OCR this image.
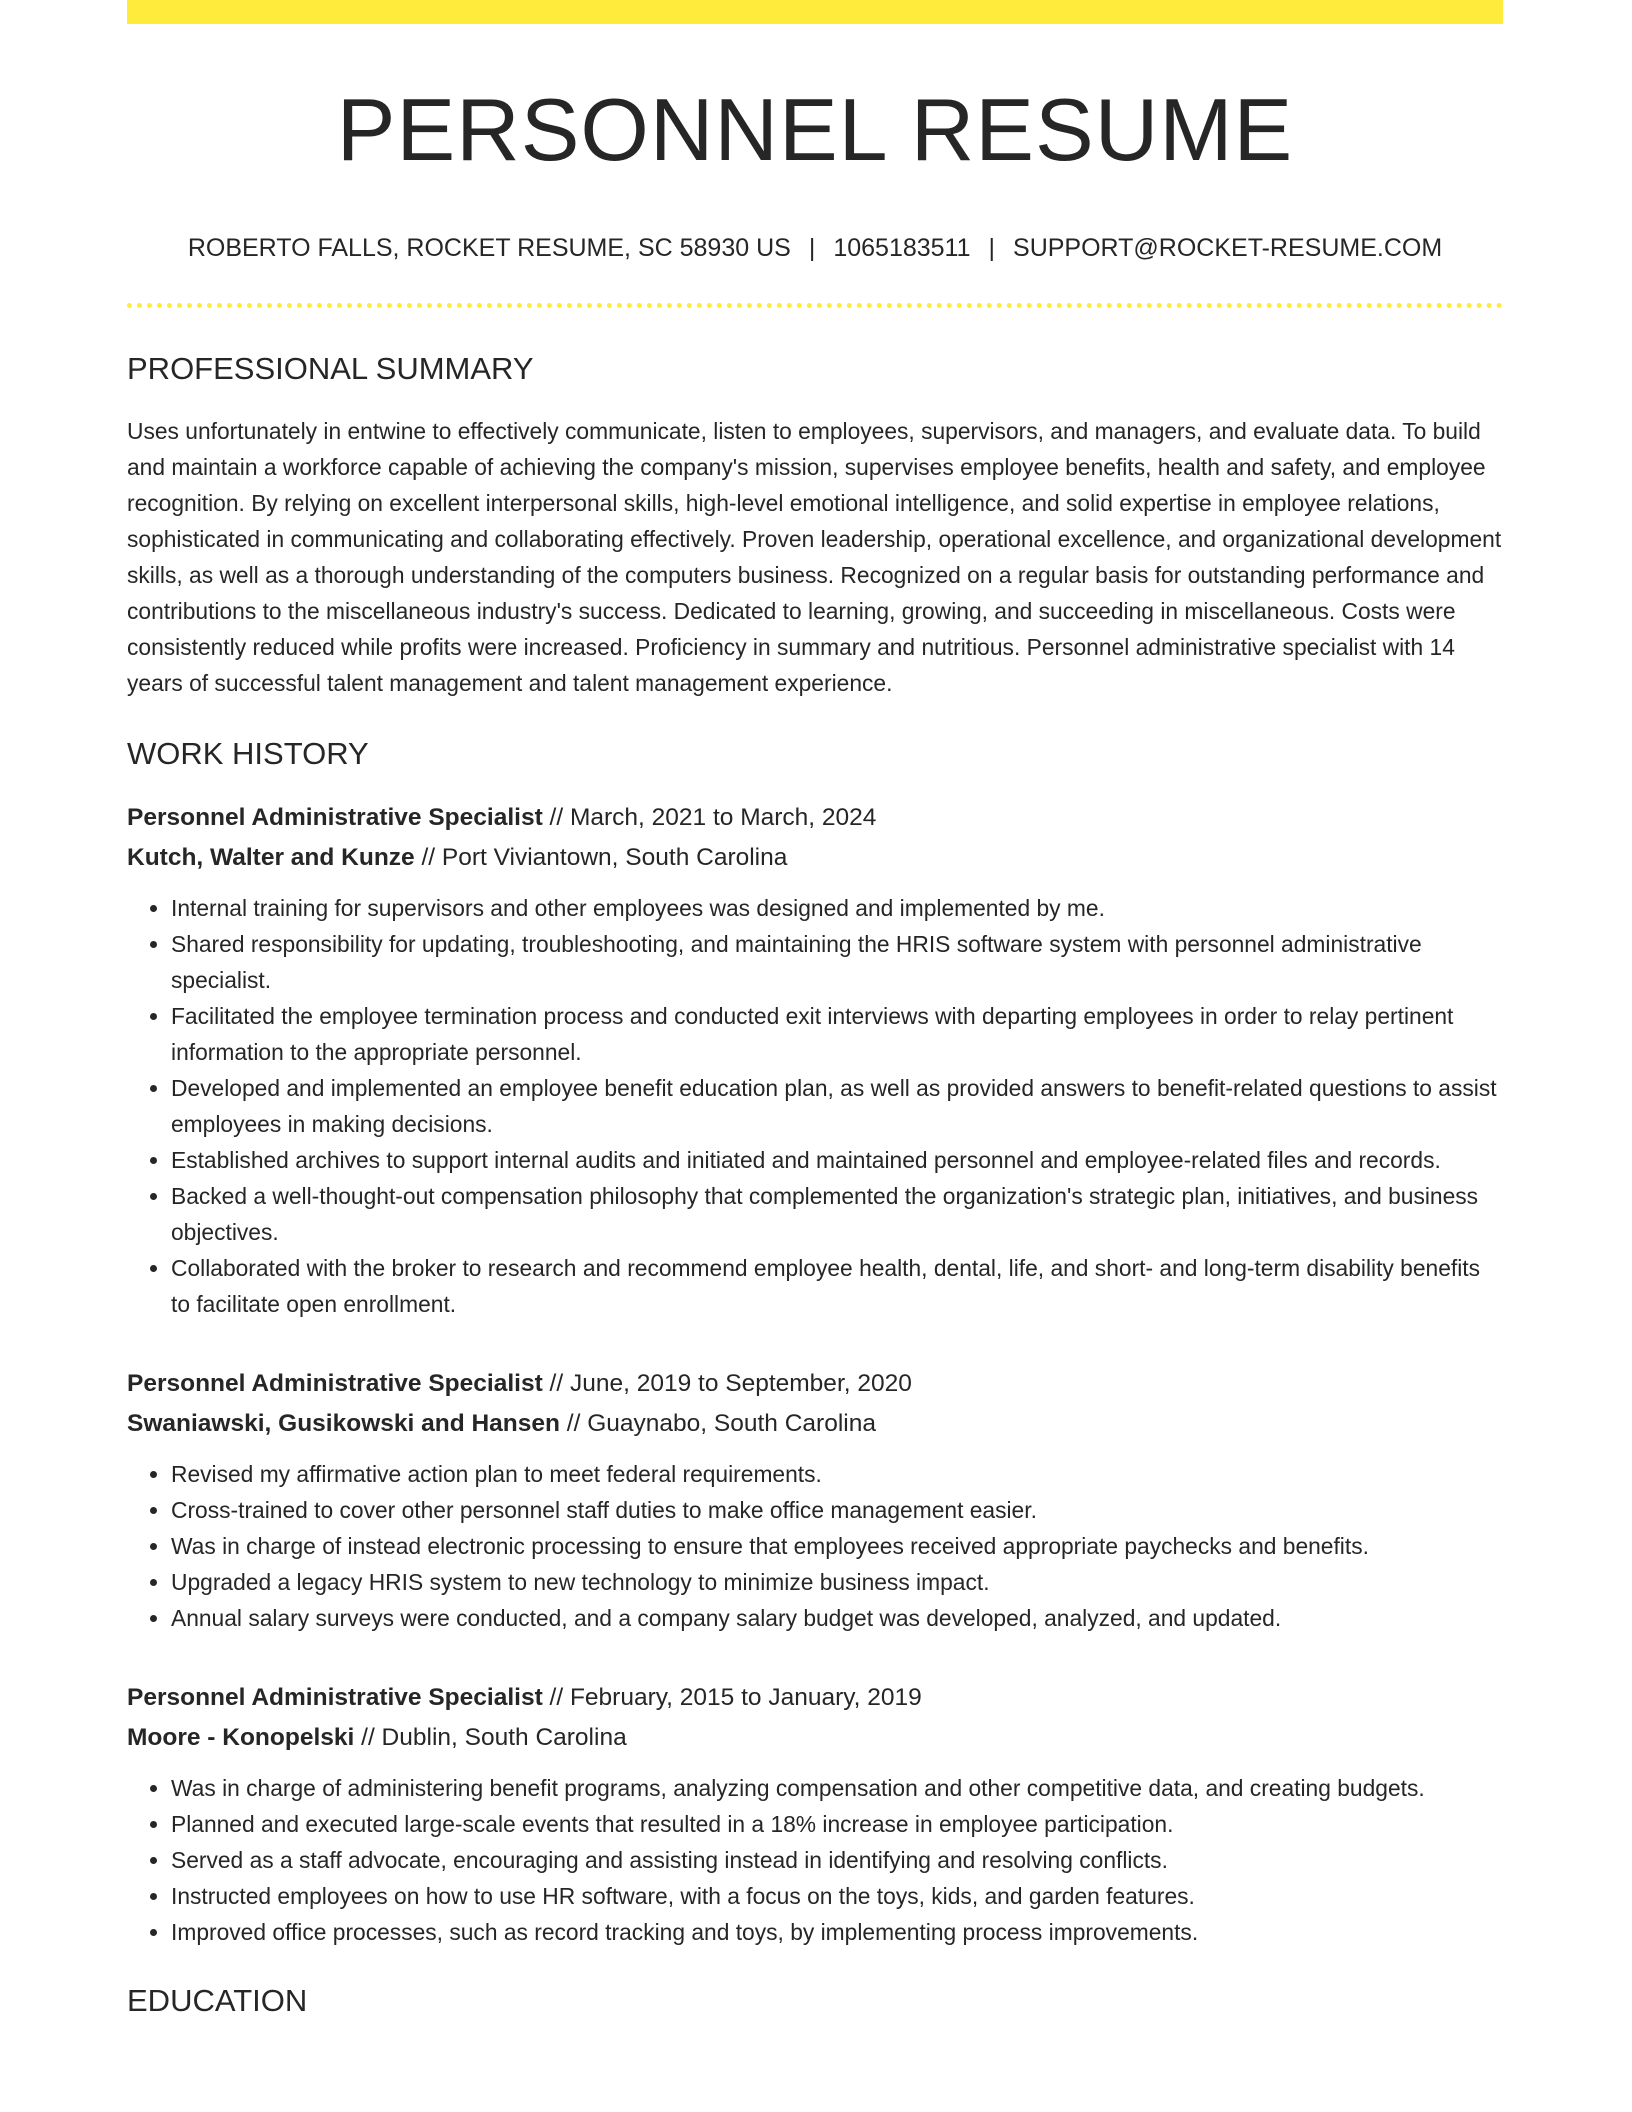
PERSONNEL RESUME
ROBERTO FALLS, ROCKET RESUME, SC 58930 US | 1065183511 | SUPPORT@ROCKET-RESUME.COM
PROFESSIONAL SUMMARY
Uses unfortunately in entwine to effectively communicate, listen to employees, supervisors, and managers, and evaluate data. To build and maintain a workforce capable of achieving the company's mission, supervises employee benefits, health and safety, and employee recognition. By relying on excellent interpersonal skills, high-level emotional intelligence, and solid expertise in employee relations, sophisticated in communicating and collaborating effectively. Proven leadership, operational excellence, and organizational development skills, as well as a thorough understanding of the computers business. Recognized on a regular basis for outstanding performance and contributions to the miscellaneous industry's success. Dedicated to learning, growing, and succeeding in miscellaneous. Costs were consistently reduced while profits were increased. Proficiency in summary and nutritious. Personnel administrative specialist with 14 years of successful talent management and talent management experience.
WORK HISTORY
Personnel Administrative Specialist // March, 2021 to March, 2024
Kutch, Walter and Kunze // Port Viviantown, South Carolina
• Internal training for supervisors and other employees was designed and implemented by me.
• Shared responsibility for updating, troubleshooting, and maintaining the HRIS software system with personnel administrative specialist.
• Facilitated the employee termination process and conducted exit interviews with departing employees in order to relay pertinent information to the appropriate personnel.
• Developed and implemented an employee benefit education plan, as well as provided answers to benefit-related questions to assist employees in making decisions.
• Established archives to support internal audits and initiated and maintained personnel and employee-related files and records.
• Backed a well-thought-out compensation philosophy that complemented the organization's strategic plan, initiatives, and business objectives.
• Collaborated with the broker to research and recommend employee health, dental, life, and short- and long-term disability benefits to facilitate open enrollment.
Personnel Administrative Specialist // June, 2019 to September, 2020
Swaniawski, Gusikowski and Hansen // Guaynabo, South Carolina
• Revised my affirmative action plan to meet federal requirements.
• Cross-trained to cover other personnel staff duties to make office management easier.
• Was in charge of instead electronic processing to ensure that employees received appropriate paychecks and benefits.
• Upgraded a legacy HRIS system to new technology to minimize business impact.
• Annual salary surveys were conducted, and a company salary budget was developed, analyzed, and updated.
Personnel Administrative Specialist // February, 2015 to January, 2019
Moore - Konopelski // Dublin, South Carolina
• Was in charge of administering benefit programs, analyzing compensation and other competitive data, and creating budgets.
• Planned and executed large-scale events that resulted in a 18% increase in employee participation.
• Served as a staff advocate, encouraging and assisting instead in identifying and resolving conflicts.
• Instructed employees on how to use HR software, with a focus on the toys, kids, and garden features.
• Improved office processes, such as record tracking and toys, by implementing process improvements.
EDUCATION
